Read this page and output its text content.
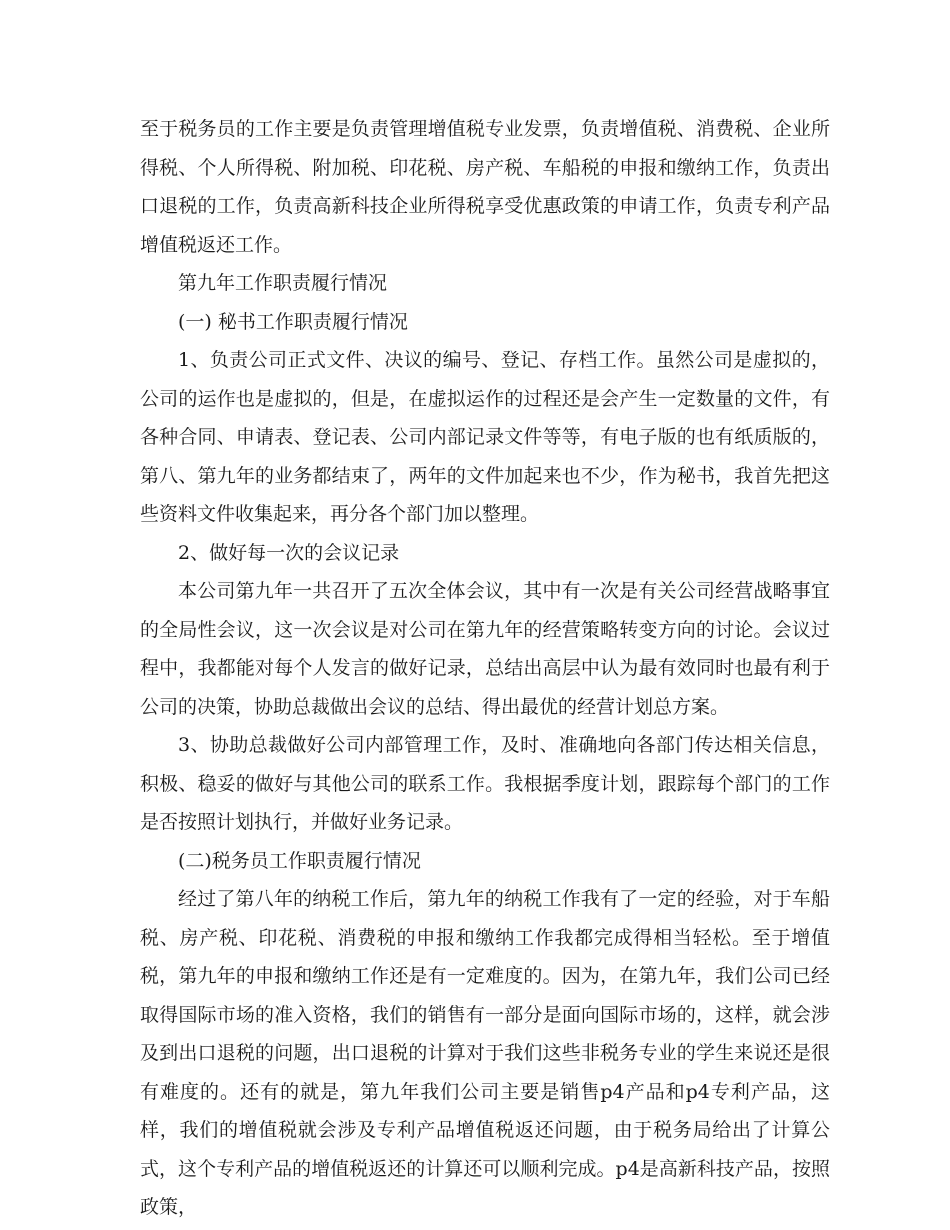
至于税务员的工作主要是负责管理增值税专业发票，负责增值税、消费税、企业所得税、个人所得税、附加税、印花税、房产税、车船税的申报和缴纳工作，负责出口退税的工作，负责高新科技企业所得税享受优惠政策的申请工作，负责专利产品增值税返还工作。

第九年工作职责履行情况

(一) 秘书工作职责履行情况

1、负责公司正式文件、决议的编号、登记、存档工作。虽然公司是虚拟的，公司的运作也是虚拟的，但是，在虚拟运作的过程还是会产生一定数量的文件，有各种合同、申请表、登记表、公司内部记录文件等等，有电子版的也有纸质版的，第八、第九年的业务都结束了，两年的文件加起来也不少，作为秘书，我首先把这些资料文件收集起来，再分各个部门加以整理。

2、做好每一次的会议记录

本公司第九年一共召开了五次全体会议，其中有一次是有关公司经营战略事宜的全局性会议，这一次会议是对公司在第九年的经营策略转变方向的讨论。会议过程中，我都能对每个人发言的做好记录，总结出高层中认为最有效同时也最有利于公司的决策，协助总裁做出会议的总结、得出最优的经营计划总方案。

3、协助总裁做好公司内部管理工作，及时、准确地向各部门传达相关信息，积极、稳妥的做好与其他公司的联系工作。我根据季度计划，跟踪每个部门的工作是否按照计划执行，并做好业务记录。

(二)税务员工作职责履行情况

经过了第八年的纳税工作后，第九年的纳税工作我有了一定的经验，对于车船税、房产税、印花税、消费税的申报和缴纳工作我都完成得相当轻松。至于增值税，第九年的申报和缴纳工作还是有一定难度的。因为，在第九年，我们公司已经取得国际市场的准入资格，我们的销售有一部分是面向国际市场的，这样，就会涉及到出口退税的问题，出口退税的计算对于我们这些非税务专业的学生来说还是很有难度的。还有的就是，第九年我们公司主要是销售p4产品和p4专利产品，这样，我们的增值税就会涉及专利产品增值税返还问题，由于税务局给出了计算公式，这个专利产品的增值税返还的计算还可以顺利完成。p4是高新科技产品，按照政策，
